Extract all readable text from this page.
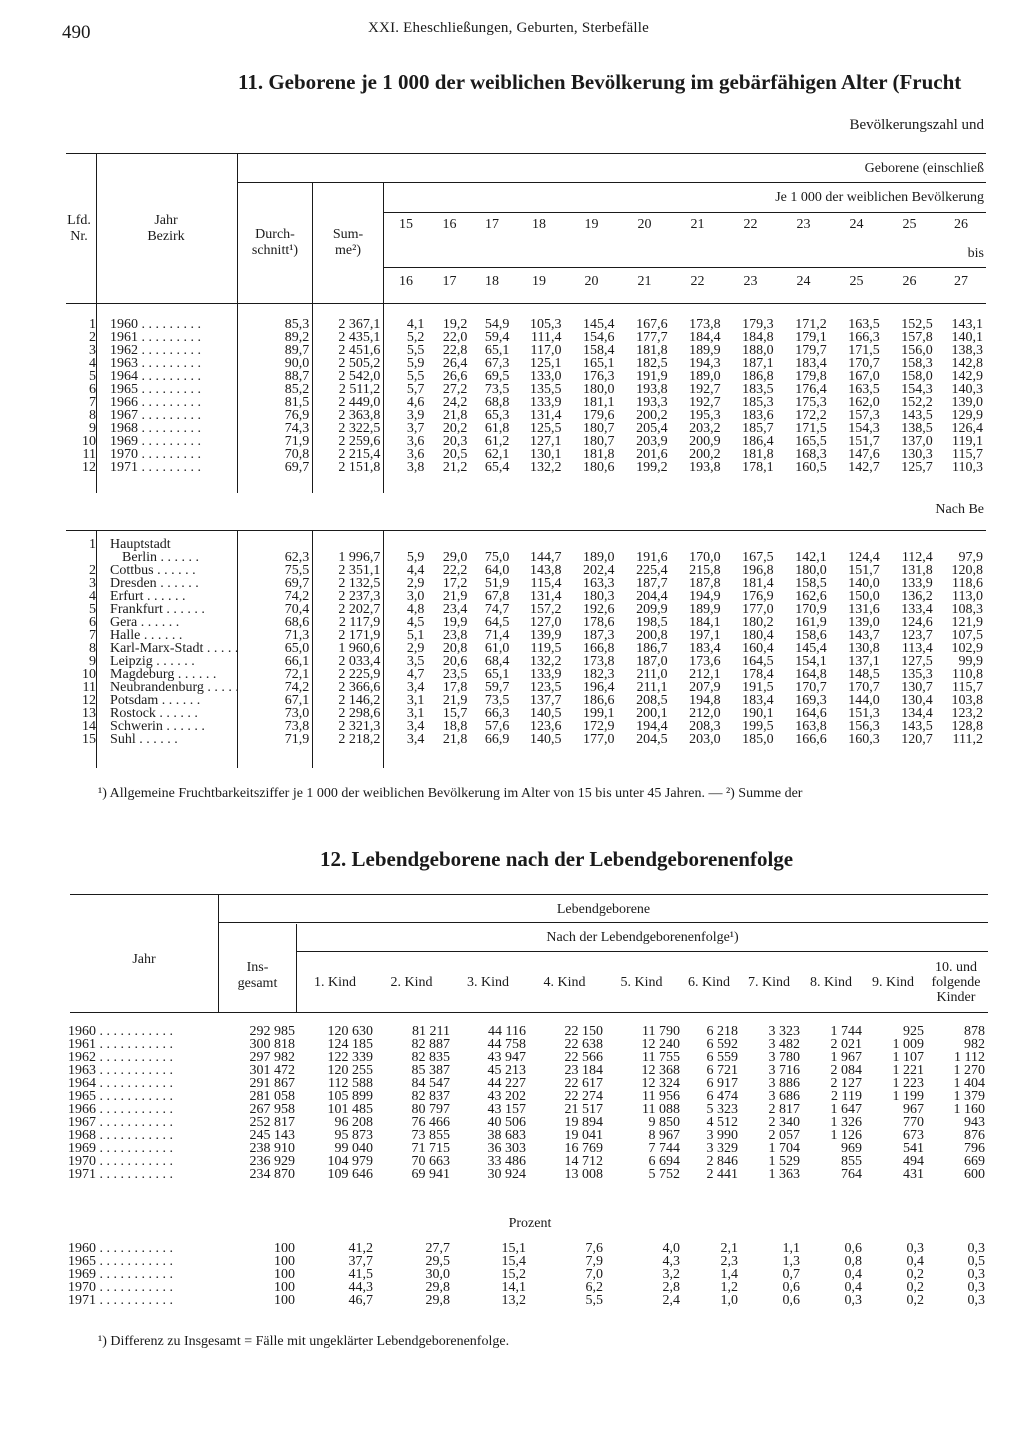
490	XXI. Eheschließungen, Geburten, Sterbefälle
11. Geborene je 1 000 der weiblichen Bevölkerung im gebärfähigen Alter (Frucht
Bevölkerungszahl und
Geborene (einschließ
Je 1 000 der weiblichen Bevölkerung
bis
Lfd.
Nr.
Jahr
Bezirk	Durch-
schnitt¹)
Sum-
me²)
15	16	17	18	19	20	21	22	23	24	25	26
16	17	18	19	20	21	22	23	24	25	26	27
1	1960 . . .	85,3	2 367,1	4,1	19,2	54,9	105,3	145,4	167,6	173,8	179,3	171,2	163,5	152,5	143,1
2	1961 . . .	89,2	2 435,1	5,2	22,0	59,4	111,4	154,6	177,7	184,4	184,8	179,1	166,3	157,8	140,1
3	1962 . . .	89,7	2 451,6	5,5	22,8	65,1	117,0	158,4	181,8	189,9	188,0	179,7	171,5	156,0	138,3
4	1963 . . .	90,0	2 505,2	5,9	26,4	67,3	125,1	165,1	182,5	194,3	187,1	183,4	170,7	158,3	142,8
5	1964 . . .	88,7	2 542,0	5,5	26,6	69,5	133,0	176,3	191,9	189,0	186,8	179,8	167,0	158,0	142,9
6	1965 . . .	85,2	2 511,2	5,7	27,2	73,5	135,5	180,0	193,8	192,7	183,5	176,4	163,5	154,3	140,3
7	1966 . . .	81,5	2 449,0	4,6	24,2	68,8	133,9	181,1	193,3	192,7	185,3	175,3	162,0	152,2	139,0
8	1967 . . .	76,9	2 363,8	3,9	21,8	65,3	131,4	179,6	200,2	195,3	183,6	172,2	157,3	143,5	129,9
9	1968 . . .	74,3	2 322,5	3,7	20,2	61,8	125,5	180,7	205,4	203,2	185,7	171,5	154,3	138,5	126,4
10	1969 . . .	71,9	2 259,6	3,6	20,3	61,2	127,1	180,7	203,9	200,9	186,4	165,5	151,7	137,0	119,1
11	1970 . . .	70,8	2 215,4	3,6	20,5	62,1	130,1	181,8	201,6	200,2	181,8	168,3	147,6	130,3	115,7
12	1971 . . .	69,7	2 151,8	3,8	21,2	65,4	132,2	180,6	199,2	193,8	178,1	160,5	142,7	125,7	110,3
Nach Be
1	Hauptstadt														
	Berlin . . .	62,3	1 996,7	5,9	29,0	75,0	144,7	189,0	191,6	170,0	167,5	142,1	124,4	112,4	97,9
2	Cottbus . . .	75,5	2 351,1	4,4	22,2	64,0	143,8	202,4	225,4	215,8	196,8	180,0	151,7	131,8	120,8
3	Dresden . . .	69,7	2 132,5	2,9	17,2	51,9	115,4	163,3	187,7	187,8	181,4	158,5	140,0	133,9	118,6
4	Erfurt . . .	74,2	2 237,3	3,0	21,9	67,8	131,4	180,3	204,4	194,9	176,9	162,6	150,0	136,2	113,0
5	Frankfurt . . .	70,4	2 202,7	4,8	23,4	74,7	157,2	192,6	209,9	189,9	177,0	170,9	131,6	133,4	108,3
6	Gera . . .	68,6	2 117,9	4,5	19,9	64,5	127,0	178,6	198,5	184,1	180,2	161,9	139,0	124,6	121,9
7	Halle . . .	71,3	2 171,9	5,1	23,8	71,4	139,9	187,3	200,8	197,1	180,4	158,6	143,7	123,7	107,5
8	Karl-Marx-Stadt . . .	65,0	1 960,6	2,9	20,8	61,0	119,5	166,8	186,7	183,4	160,4	145,4	130,8	113,4	102,9
9	Leipzig . . .	66,1	2 033,4	3,5	20,6	68,4	132,2	173,8	187,0	173,6	164,5	154,1	137,1	127,5	99,9
10	Magdeburg . . .	72,1	2 225,9	4,7	23,5	65,1	133,9	182,3	211,0	212,1	178,4	164,8	148,5	135,3	110,8
11	Neubrandenburg . . .	74,2	2 366,6	3,4	17,8	59,7	123,5	196,4	211,1	207,9	191,5	170,7	170,7	130,7	115,7
12	Potsdam . . .	67,1	2 146,2	3,1	21,9	73,5	137,7	186,6	208,5	194,8	183,4	169,3	144,0	130,4	103,8
13	Rostock . . .	73,0	2 298,6	3,1	15,7	66,3	140,5	199,1	200,1	212,0	190,1	164,6	151,3	134,4	123,2
14	Schwerin . . .	73,8	2 321,3	3,4	18,8	57,6	123,6	172,9	194,4	208,3	199,5	163,8	156,3	143,5	128,8
15	Suhl . . .	71,9	2 218,2	3,4	21,8	66,9	140,5	177,0	204,5	203,0	185,0	166,6	160,3	120,7	111,2
¹) Allgemeine Fruchtbarkeitsziffer je 1 000 der weiblichen Bevölkerung im Alter von 15 bis unter 45 Jahren. — ²) Summe der
12. Lebendgeborene nach der Lebendgeborenenfolge
Jahr
Lebendgeborene
Nach der Lebendgeborenenfolge¹)
Ins-
gesamt	1. Kind	2. Kind	3. Kind	4. Kind	5. Kind	6. Kind	7. Kind	8. Kind	9. Kind	10. und
folgende
Kinder
1960 . . .	292 985	120 630	81 211	44 116	22 150	11 790	6 218	3 323	1 744	925	878
1961 . . .	300 818	124 185	82 887	44 758	22 638	12 240	6 592	3 482	2 021	1 009	982
1962 . . .	297 982	122 339	82 835	43 947	22 566	11 755	6 559	3 780	1 967	1 107	1 112
1963 . . .	301 472	120 255	85 387	45 213	23 184	12 368	6 721	3 716	2 084	1 221	1 270
1964 . . .	291 867	112 588	84 547	44 227	22 617	12 324	6 917	3 886	2 127	1 223	1 404
1965 . . .	281 058	105 899	82 837	43 202	22 274	11 956	6 474	3 686	2 119	1 199	1 379
1966 . . .	267 958	101 485	80 797	43 157	21 517	11 088	5 323	2 817	1 647	967	1 160
1967 . . .	252 817	96 208	76 466	40 506	19 894	9 850	4 512	2 340	1 326	770	943
1968 . . .	245 143	95 873	73 855	38 683	19 041	8 967	3 990	2 057	1 126	673	876
1969 . . .	238 910	99 040	71 715	36 303	16 769	7 744	3 329	1 704	969	541	796
1970 . . .	236 929	104 979	70 663	33 486	14 712	6 694	2 846	1 529	855	494	669
1971 . . .	234 870	109 646	69 941	30 924	13 008	5 752	2 441	1 363	764	431	600
Prozent
1960 . . .	100	41,2	27,7	15,1	7,6	4,0	2,1	1,1	0,6	0,3	0,3
1965 . . .	100	37,7	29,5	15,4	7,9	4,3	2,3	1,3	0,8	0,4	0,5
1969 . . .	100	41,5	30,0	15,2	7,0	3,2	1,4	0,7	0,4	0,2	0,3
1970 . . .	100	44,3	29,8	14,1	6,2	2,8	1,2	0,6	0,4	0,2	0,3
1971 . . .	100	46,7	29,8	13,2	5,5	2,4	1,0	0,6	0,3	0,2	0,3
¹) Differenz zu Insgesamt = Fälle mit ungeklärter Lebendgeborenenfolge.
